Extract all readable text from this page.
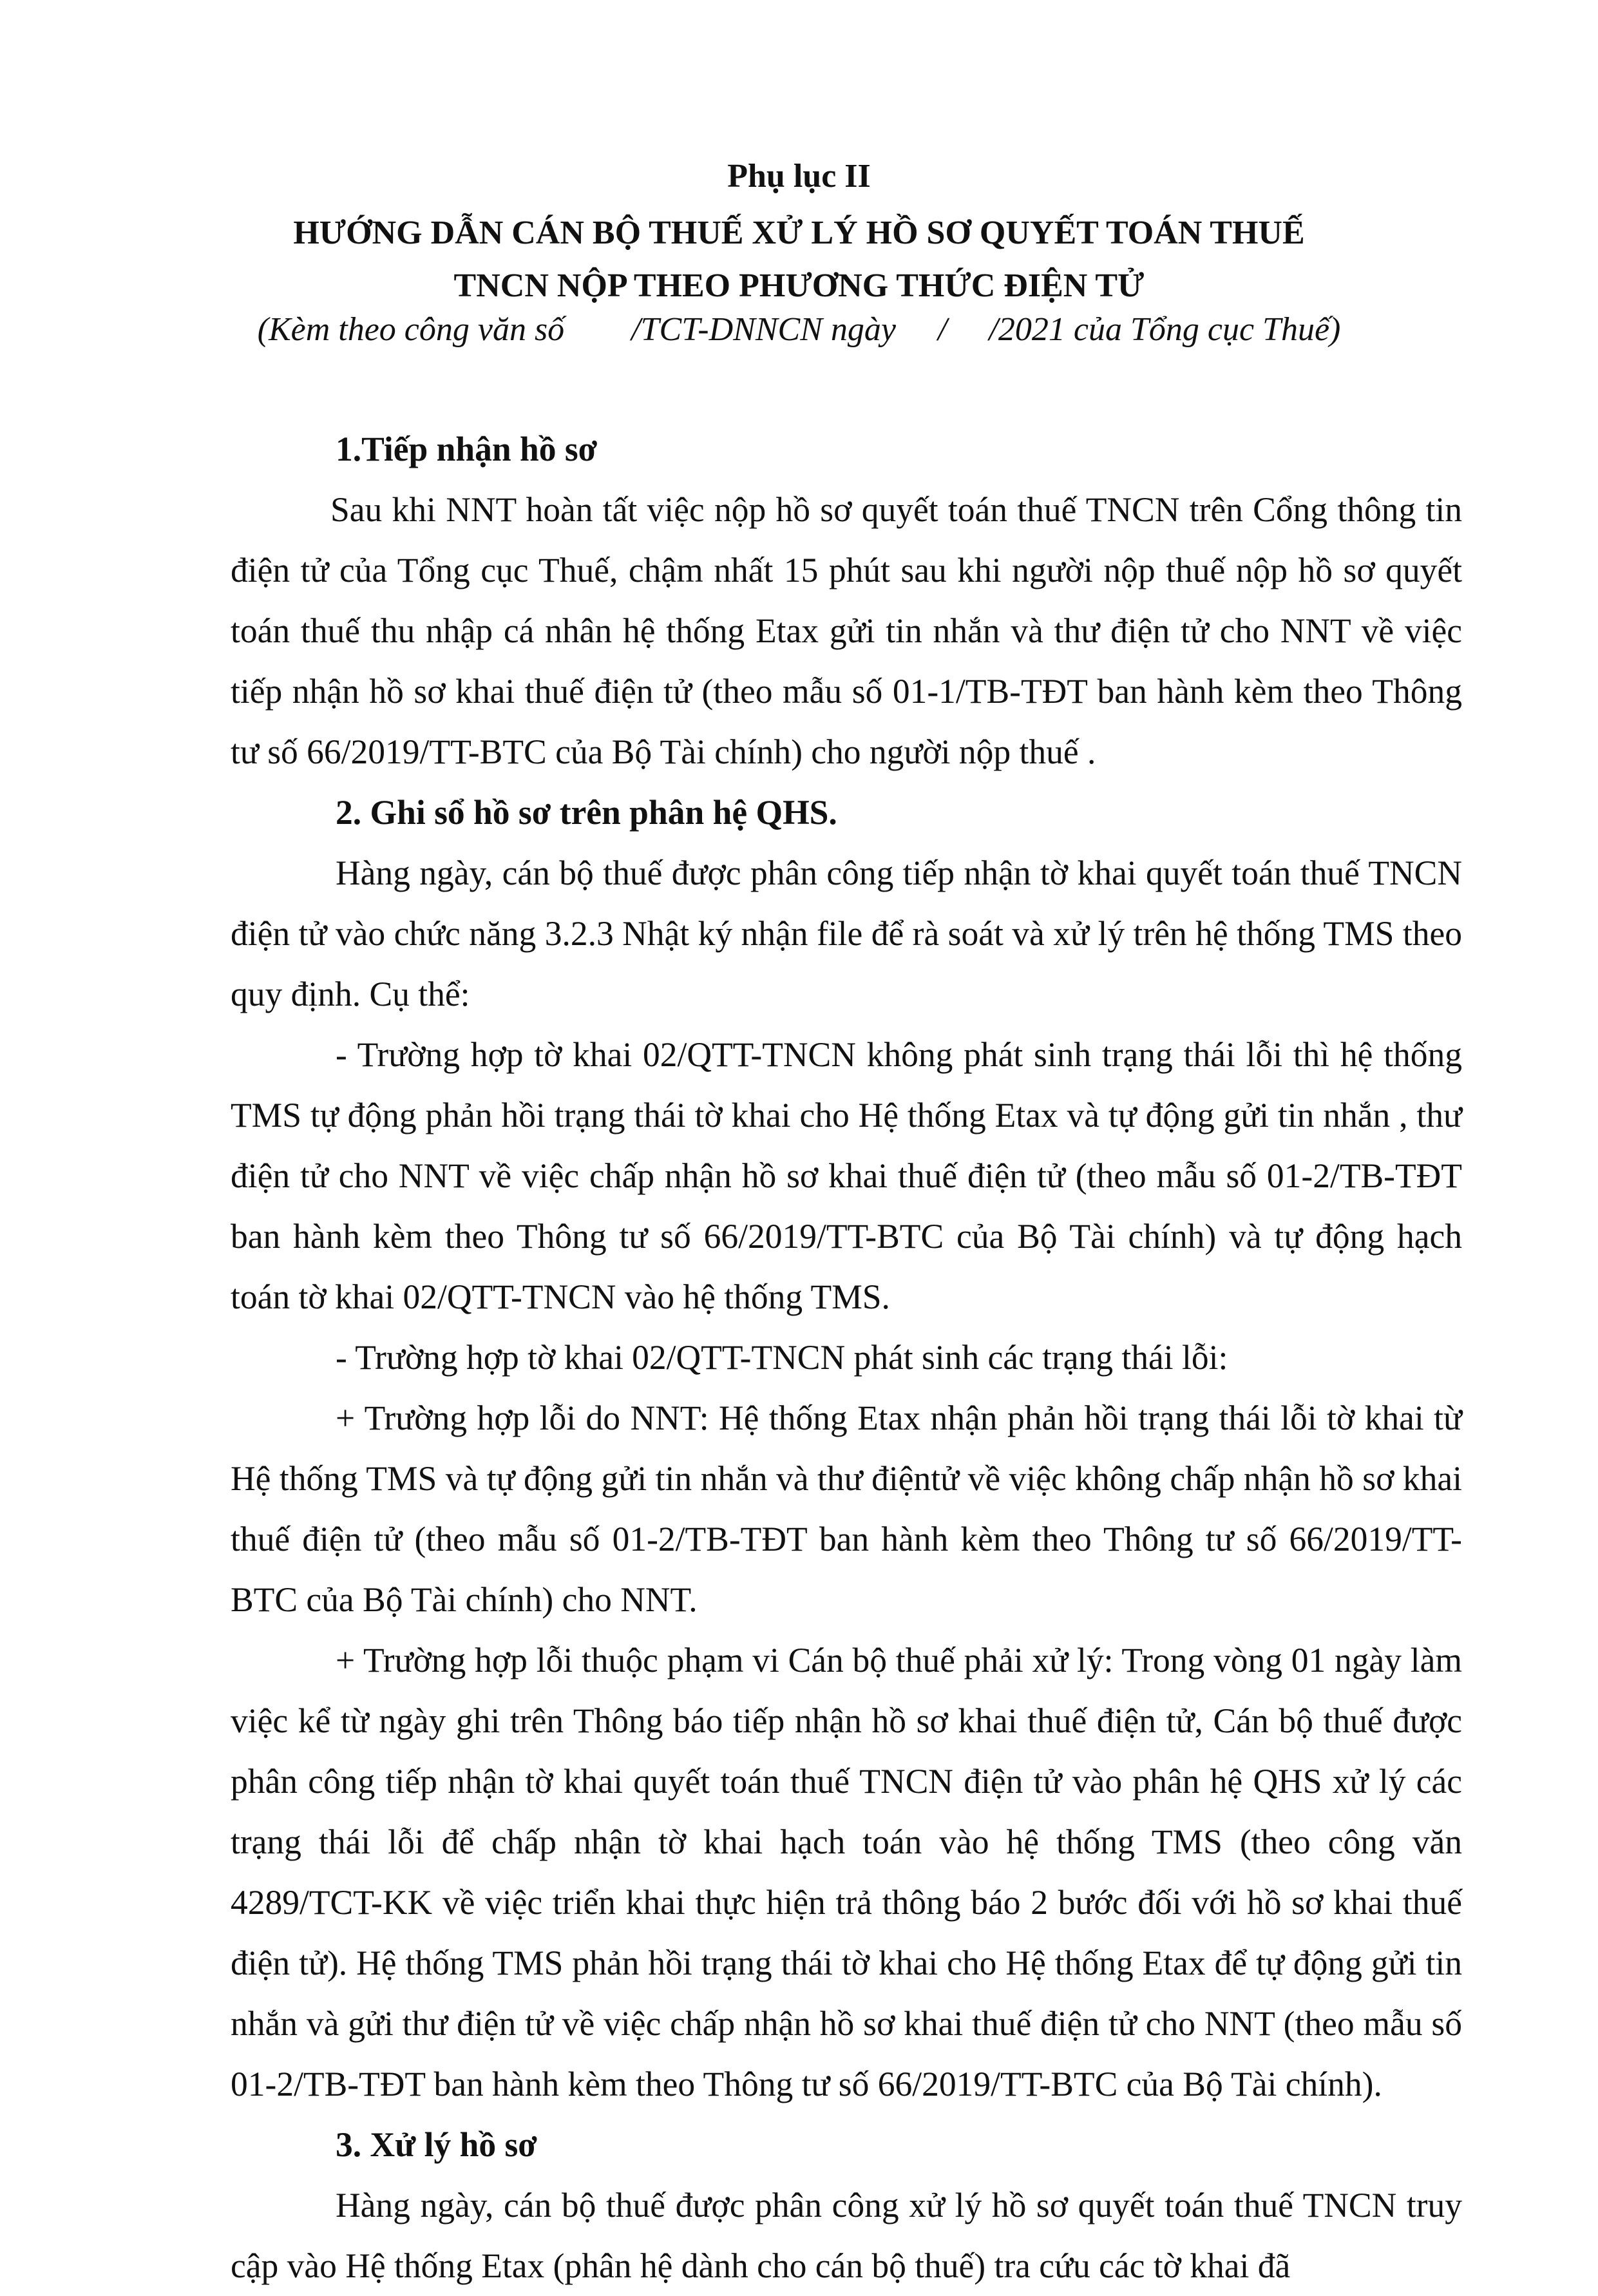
Phụ lục II
HƯỚNG DẪN CÁN BỘ THUẾ XỬ LÝ HỒ SƠ QUYẾT TOÁN THUẾ
TNCN NỘP THEO PHƯƠNG THỨC ĐIỆN TỬ
(Kèm theo công văn số        /TCT-DNNCN ngày     /     /2021 của Tổng cục Thuế)

1.Tiếp nhận hồ sơ

Sau khi NNT hoàn tất việc nộp hồ sơ quyết toán thuế TNCN trên Cổng thông tin điện tử của Tổng cục Thuế, chậm nhất 15 phút sau khi người nộp thuế nộp hồ sơ quyết toán thuế thu nhập cá nhân hệ thống Etax gửi tin nhắn và thư điện tử cho NNT về việc tiếp nhận hồ sơ khai thuế điện tử (theo mẫu số 01-1/TB-TĐT ban hành kèm theo Thông tư số 66/2019/TT-BTC của Bộ Tài chính) cho người nộp thuế .

2. Ghi sổ hồ sơ trên phân hệ QHS.

Hàng ngày, cán bộ thuế được phân công tiếp nhận tờ khai quyết toán thuế TNCN điện tử vào chức năng 3.2.3 Nhật ký nhận file để rà soát và xử lý trên hệ thống TMS theo quy định. Cụ thể:

- Trường hợp tờ khai 02/QTT-TNCN không phát sinh trạng thái lỗi thì hệ thống TMS tự động phản hồi trạng thái tờ khai cho Hệ thống Etax và tự động gửi tin nhắn , thư điện tử cho NNT về việc chấp nhận hồ sơ khai thuế điện tử (theo mẫu số 01-2/TB-TĐT ban hành kèm theo Thông tư số 66/2019/TT-BTC của Bộ Tài chính) và tự động hạch toán tờ khai 02/QTT-TNCN vào hệ thống TMS.

- Trường hợp tờ khai 02/QTT-TNCN phát sinh các trạng thái lỗi:

+ Trường hợp lỗi do NNT: Hệ thống Etax nhận phản hồi trạng thái lỗi tờ khai từ Hệ thống TMS và tự động gửi tin nhắn và thư điệntử về việc không chấp nhận hồ sơ khai thuế điện tử (theo mẫu số 01-2/TB-TĐT ban hành kèm theo Thông tư số 66/2019/TT-BTC của Bộ Tài chính) cho NNT.

+ Trường hợp lỗi thuộc phạm vi Cán bộ thuế phải xử lý: Trong vòng 01 ngày làm việc kể từ ngày ghi trên Thông báo tiếp nhận hồ sơ khai thuế điện tử, Cán bộ thuế được phân công tiếp nhận tờ khai quyết toán thuế TNCN điện tử vào phân hệ QHS xử lý các trạng thái lỗi để chấp nhận tờ khai hạch toán vào hệ thống TMS (theo công văn 4289/TCT-KK về việc triển khai thực hiện trả thông báo 2 bước đối với hồ sơ khai thuế điện tử). Hệ thống TMS phản hồi trạng thái tờ khai cho Hệ thống Etax để tự động gửi tin nhắn và gửi thư điện tử về việc chấp nhận hồ sơ khai thuế điện tử cho NNT (theo mẫu số 01-2/TB-TĐT ban hành kèm theo Thông tư số 66/2019/TT-BTC của Bộ Tài chính).

3. Xử lý hồ sơ

Hàng ngày, cán bộ thuế được phân công xử lý hồ sơ quyết toán thuế TNCN truy cập vào Hệ thống Etax (phân hệ dành cho cán bộ thuế) tra cứu các tờ khai đã
